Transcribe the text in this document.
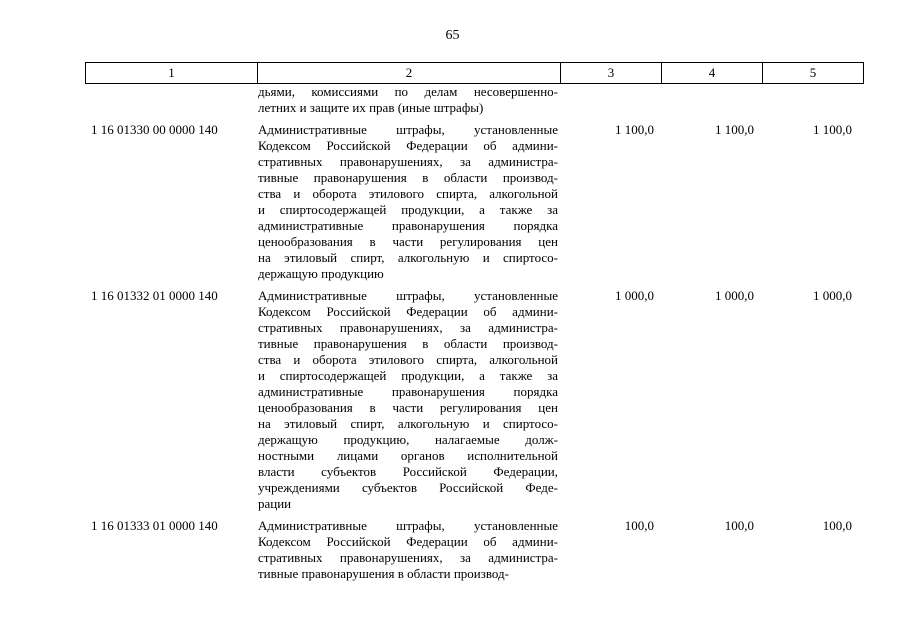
65
1	2	3	4	5
дьями, комиссиями по делам несовершенно-
летних и защите их прав (иные штрафы)
1 16 01330 00 0000 140	Административные штрафы, установленные
Кодексом Российской Федерации об админи-
стративных правонарушениях, за администра-
тивные правонарушения в области производ-
ства и оборота этилового спирта, алкогольной
и спиртосодержащей продукции, а также за
административные правонарушения порядка
ценообразования в части регулирования цен
на этиловый спирт, алкогольную и спиртосо-
держащую продукцию
1 100,0	1 100,0	1 100,0
1 16 01332 01 0000 140	Административные штрафы, установленные
Кодексом Российской Федерации об админи-
стративных правонарушениях, за администра-
тивные правонарушения в области производ-
ства и оборота этилового спирта, алкогольной
и спиртосодержащей продукции, а также за
административные правонарушения порядка
ценообразования в части регулирования цен
на этиловый спирт, алкогольную и спиртосо-
держащую продукцию, налагаемые долж-
ностными лицами органов исполнительной
власти субъектов Российской Федерации,
учреждениями субъектов Российской Феде-
рации
1 000,0	1 000,0	1 000,0
1 16 01333 01 0000 140	Административные штрафы, установленные
Кодексом Российской Федерации об админи-
стративных правонарушениях, за администра-
тивные правонарушения в области производ-
100,0	100,0	100,0
